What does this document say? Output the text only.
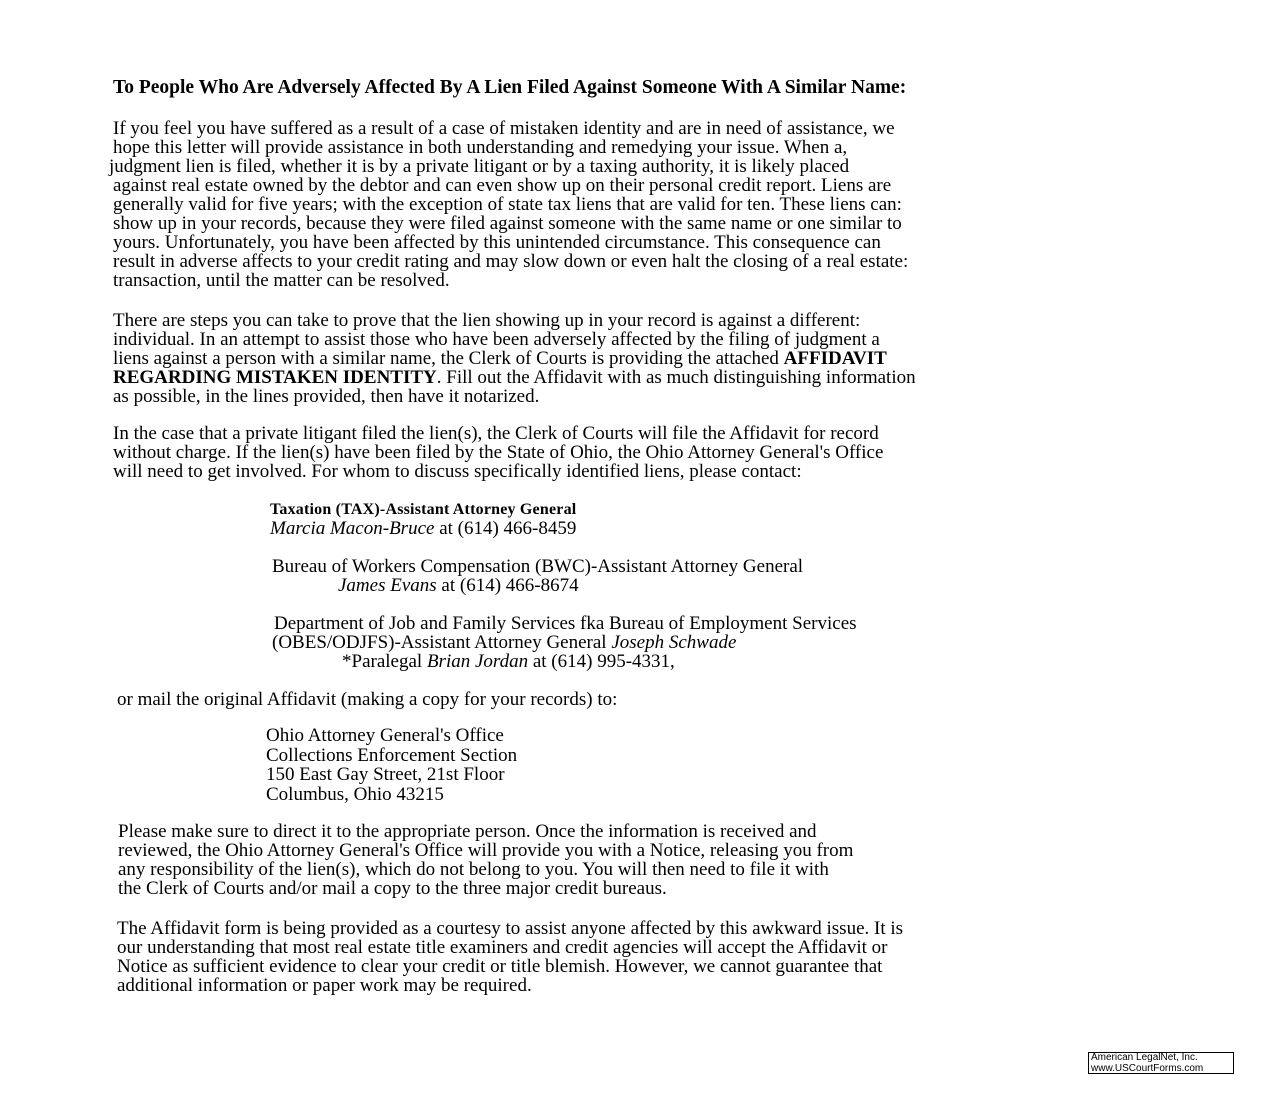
To People Who Are Adversely Affected By A Lien Filed Against Someone With A Similar Name:

If you feel you have suffered as a result of a case of mistaken identity and are in need of assistance, we

hope this letter will provide assistance in both understanding and remedying your issue. When a,

judgment lien is filed, whether it is by a private litigant or by a taxing authority, it is likely placed

against real estate owned by the debtor and can even show up on their personal credit report. Liens are

generally valid for five years; with the exception of state tax liens that are valid for ten. These liens can:

show up in your records, because they were filed against someone with the same name or one similar to

yours. Unfortunately, you have been affected by this unintended circumstance. This consequence can

result in adverse affects to your credit rating and may slow down or even halt the closing of a real estate:

transaction, until the matter can be resolved.

There are steps you can take to prove that the lien showing up in your record is against a different:

individual. In an attempt to assist those who have been adversely affected by the filing of judgment a

liens against a person with a similar name, the Clerk of Courts is providing the attached AFFIDAVIT

REGARDING MISTAKEN IDENTITY. Fill out the Affidavit with as much distinguishing information

as possible, in the lines provided, then have it notarized.

In the case that a private litigant filed the lien(s), the Clerk of Courts will file the Affidavit for record

without charge. If the lien(s) have been filed by the State of Ohio, the Ohio Attorney General's Office

will need to get involved. For whom to discuss specifically identified liens, please contact:

Taxation (TAX)-Assistant Attorney General

Marcia Macon-Bruce at (614) 466-8459

Bureau of Workers Compensation (BWC)-Assistant Attorney General

James Evans at (614) 466-8674

Department of Job and Family Services fka Bureau of Employment Services

(OBES/ODJFS)-Assistant Attorney General Joseph Schwade

*Paralegal Brian Jordan at (614) 995-4331,

or mail the original Affidavit (making a copy for your records) to:

Ohio Attorney General's Office

Collections Enforcement Section

150 East Gay Street, 21st Floor

Columbus, Ohio 43215

Please make sure to direct it to the appropriate person. Once the information is received and

reviewed, the Ohio Attorney General's Office will provide you with a Notice, releasing you from

any responsibility of the lien(s), which do not belong to you. You will then need to file it with

the Clerk of Courts and/or mail a copy to the three major credit bureaus.

The Affidavit form is being provided as a courtesy to assist anyone affected by this awkward issue. It is

our understanding that most real estate title examiners and credit agencies will accept the Affidavit or

Notice as sufficient evidence to clear your credit or title blemish. However, we cannot guarantee that

additional information or paper work may be required.

American LegalNet, Inc.

www.USCourtForms.com
